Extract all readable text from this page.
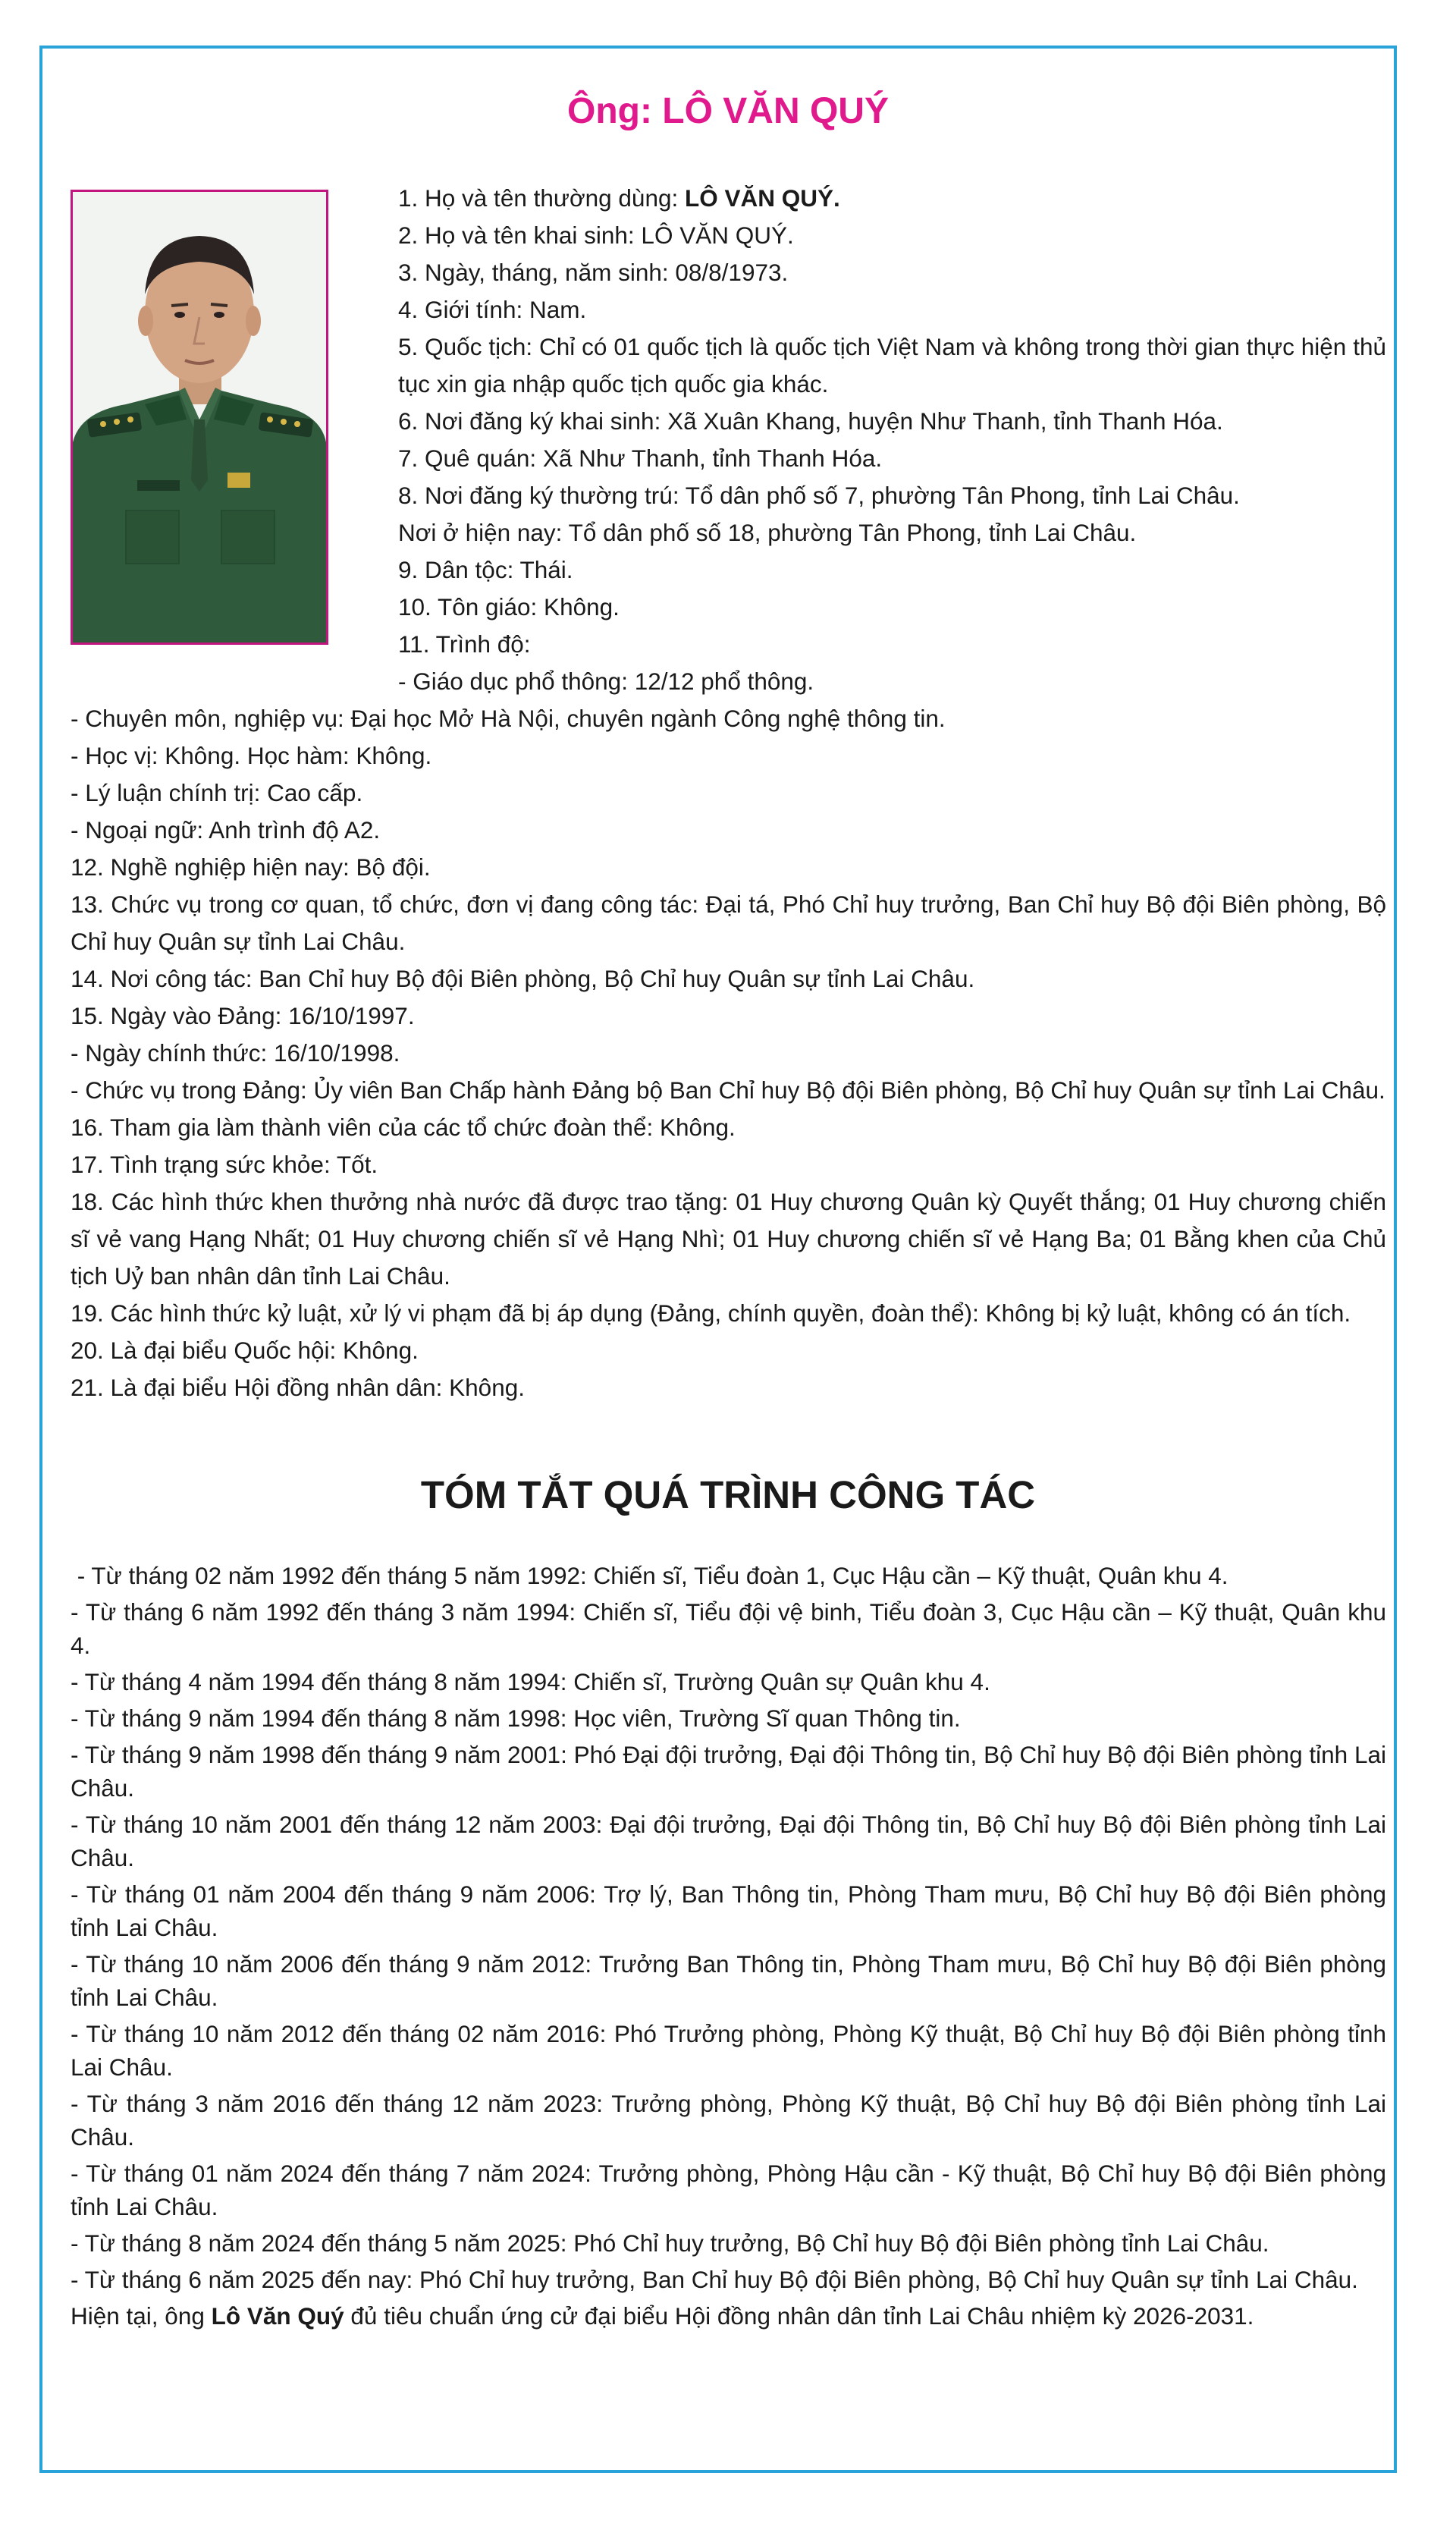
Ông: LÔ VĂN QUÝ

1. Họ và tên thường dùng: LÔ VĂN QUÝ.

2. Họ và tên khai sinh: LÔ VĂN QUÝ.

3. Ngày, tháng, năm sinh: 08/8/1973.

4. Giới tính: Nam.

5. Quốc tịch: Chỉ có 01 quốc tịch là quốc tịch Việt Nam và không trong thời gian thực hiện thủ tục xin gia nhập quốc tịch quốc gia khác.

6. Nơi đăng ký khai sinh: Xã Xuân Khang, huyện Như Thanh, tỉnh Thanh Hóa.

7. Quê quán: Xã Như Thanh, tỉnh Thanh Hóa.

8. Nơi đăng ký thường trú: Tổ dân phố số 7, phường Tân Phong, tỉnh Lai Châu.

Nơi ở hiện nay: Tổ dân phố số 18, phường Tân Phong, tỉnh Lai Châu.

9. Dân tộc: Thái.

10. Tôn giáo: Không.

11. Trình độ:

- Giáo dục phổ thông: 12/12 phổ thông.

- Chuyên môn, nghiệp vụ: Đại học Mở Hà Nội, chuyên ngành Công nghệ thông tin.

- Học vị: Không. Học hàm: Không.

- Lý luận chính trị: Cao cấp.

- Ngoại ngữ: Anh trình độ A2.

12. Nghề nghiệp hiện nay: Bộ đội.

13. Chức vụ trong cơ quan, tổ chức, đơn vị đang công tác: Đại tá, Phó Chỉ huy trưởng, Ban Chỉ huy Bộ đội Biên phòng, Bộ Chỉ huy Quân sự tỉnh Lai Châu.

14. Nơi công tác: Ban Chỉ huy Bộ đội Biên phòng, Bộ Chỉ huy Quân sự tỉnh Lai Châu.

15. Ngày vào Đảng: 16/10/1997.

- Ngày chính thức: 16/10/1998.

- Chức vụ trong Đảng: Ủy viên Ban Chấp hành Đảng bộ Ban Chỉ huy Bộ đội Biên phòng, Bộ Chỉ huy Quân sự tỉnh Lai Châu.

16. Tham gia làm thành viên của các tổ chức đoàn thể: Không.

17. Tình trạng sức khỏe: Tốt.

18. Các hình thức khen thưởng nhà nước đã được trao tặng: 01 Huy chương Quân kỳ Quyết thắng; 01 Huy chương chiến sĩ vẻ vang Hạng Nhất; 01 Huy chương chiến sĩ vẻ Hạng Nhì; 01 Huy chương chiến sĩ vẻ Hạng Ba; 01 Bằng khen của Chủ tịch Uỷ ban nhân dân tỉnh Lai Châu.

19. Các hình thức kỷ luật, xử lý vi phạm đã bị áp dụng (Đảng, chính quyền, đoàn thể): Không bị kỷ luật, không có án tích.

20. Là đại biểu Quốc hội: Không.

21. Là đại biểu Hội đồng nhân dân: Không.

TÓM TẮT QUÁ TRÌNH CÔNG TÁC

- Từ tháng 02 năm 1992 đến tháng 5 năm 1992: Chiến sĩ, Tiểu đoàn 1, Cục Hậu cần – Kỹ thuật, Quân khu 4.

- Từ tháng 6 năm 1992 đến tháng 3 năm 1994: Chiến sĩ, Tiểu đội vệ binh, Tiểu đoàn 3, Cục Hậu cần – Kỹ thuật, Quân khu 4.

- Từ tháng 4 năm 1994 đến tháng 8 năm 1994: Chiến sĩ, Trường Quân sự Quân khu 4.

- Từ tháng 9 năm 1994 đến tháng 8 năm 1998: Học viên, Trường Sĩ quan Thông tin.

- Từ tháng 9 năm 1998 đến tháng 9 năm 2001: Phó Đại đội trưởng, Đại đội Thông tin, Bộ Chỉ huy Bộ đội Biên phòng tỉnh Lai Châu.

- Từ tháng 10 năm 2001 đến tháng 12 năm 2003: Đại đội trưởng, Đại đội Thông tin, Bộ Chỉ huy Bộ đội Biên phòng tỉnh Lai Châu.

- Từ tháng 01 năm 2004 đến tháng 9 năm 2006: Trợ lý, Ban Thông tin, Phòng Tham mưu, Bộ Chỉ huy Bộ đội Biên phòng tỉnh Lai Châu.

- Từ tháng 10 năm 2006 đến tháng 9 năm 2012: Trưởng Ban Thông tin, Phòng Tham mưu, Bộ Chỉ huy Bộ đội Biên phòng tỉnh Lai Châu.

- Từ tháng 10 năm 2012 đến tháng 02 năm 2016: Phó Trưởng phòng, Phòng Kỹ thuật, Bộ Chỉ huy Bộ đội Biên phòng tỉnh Lai Châu.

- Từ tháng 3 năm 2016 đến tháng 12 năm 2023: Trưởng phòng, Phòng Kỹ thuật, Bộ Chỉ huy Bộ đội Biên phòng tỉnh Lai Châu.

- Từ tháng 01 năm 2024 đến tháng 7 năm 2024: Trưởng phòng, Phòng Hậu cần - Kỹ thuật, Bộ Chỉ huy Bộ đội Biên phòng tỉnh Lai Châu.

- Từ tháng 8 năm 2024 đến tháng 5 năm 2025: Phó Chỉ huy trưởng, Bộ Chỉ huy Bộ đội Biên phòng tỉnh Lai Châu.

- Từ tháng 6 năm 2025 đến nay: Phó Chỉ huy trưởng, Ban Chỉ huy Bộ đội Biên phòng, Bộ Chỉ huy Quân sự tỉnh Lai Châu.

Hiện tại, ông Lô Văn Quý đủ tiêu chuẩn ứng cử đại biểu Hội đồng nhân dân tỉnh Lai Châu nhiệm kỳ 2026-2031.
